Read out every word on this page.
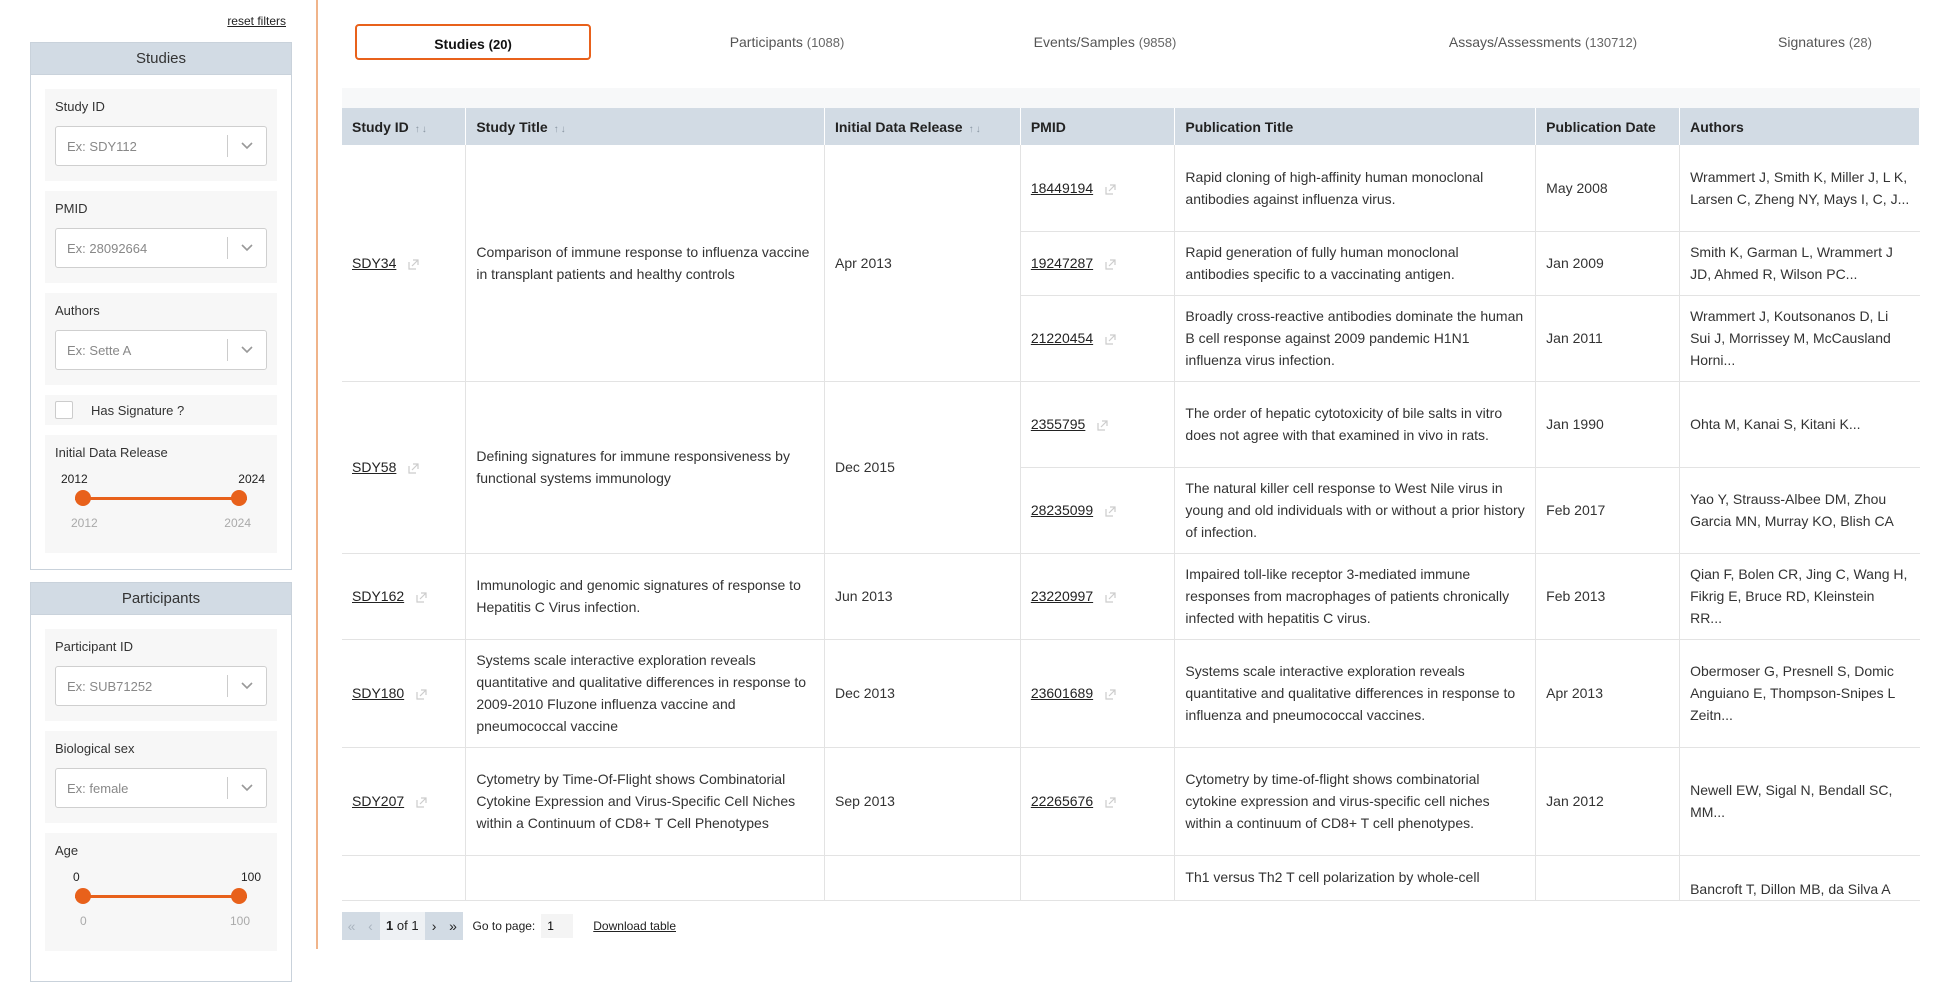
reset filters
Studies
Study ID
Ex: SDY112
PMID
Ex: 28092664
Authors
Ex: Sette A
Has Signature ?
Initial Data Release
2012	2024
2012	2024
Participants
Participant ID
Ex: SUB71252
Biological sex
Ex: female
Age
0	100
0	100
Studies (20)	Participants (1088)	Events/Samples (9858)	Assays/Assessments (130712)	Signatures (28)
Study ID ↑↓	Study Title ↑↓	Initial Data Release ↑↓	PMID	Publication Title	Publication Date	Authors
SDY34	Comparison of immune response to influenza vaccine in transplant patients and healthy controls	Apr 2013	18449194	Rapid cloning of high-affinity human monoclonal antibodies against influenza virus.	May 2008	Wrammert J, Smith K, Miller J, L K, Larsen C, Zheng NY, Mays I, C, J...
			19247287	Rapid generation of fully human monoclonal antibodies specific to a vaccinating antigen.	Jan 2009	Smith K, Garman L, Wrammert J JD, Ahmed R, Wilson PC...
			21220454	Broadly cross-reactive antibodies dominate the human B cell response against 2009 pandemic H1N1 influenza virus infection.	Jan 2011	Wrammert J, Koutsonanos D, Li Sui J, Morrissey M, McCausland Horni...
SDY58	Defining signatures for immune responsiveness by functional systems immunology	Dec 2015	2355795	The order of hepatic cytotoxicity of bile salts in vitro does not agree with that examined in vivo in rats.	Jan 1990	Ohta M, Kanai S, Kitani K...
			28235099	The natural killer cell response to West Nile virus in young and old individuals with or without a prior history of infection.	Feb 2017	Yao Y, Strauss-Albee DM, Zhou Garcia MN, Murray KO, Blish CA
SDY162	Immunologic and genomic signatures of response to Hepatitis C Virus infection.	Jun 2013	23220997	Impaired toll-like receptor 3-mediated immune responses from macrophages of patients chronically infected with hepatitis C virus.	Feb 2013	Qian F, Bolen CR, Jing C, Wang H, Fikrig E, Bruce RD, Kleinstein RR...
SDY180	Systems scale interactive exploration reveals quantitative and qualitative differences in response to 2009-2010 Fluzone influenza vaccine and pneumococcal vaccine	Dec 2013	23601689	Systems scale interactive exploration reveals quantitative and qualitative differences in response to influenza and pneumococcal vaccines.	Apr 2013	Obermoser G, Presnell S, Domic Anguiano E, Thompson-Snipes L Zeitn...
SDY207	Cytometry by Time-Of-Flight shows Combinatorial Cytokine Expression and Virus-Specific Cell Niches within a Continuum of CD8+ T Cell Phenotypes	Sep 2013	22265676	Cytometry by time-of-flight shows combinatorial cytokine expression and virus-specific cell niches within a continuum of CD8+ T cell phenotypes.	Jan 2012	Newell EW, Sigal N, Bendall SC, MM...
				Th1 versus Th2 T cell polarization by whole-cell		Bancroft T, Dillon MB, da Silva A
« ‹	1 of 1 › »	Go to page:
1	Download table
